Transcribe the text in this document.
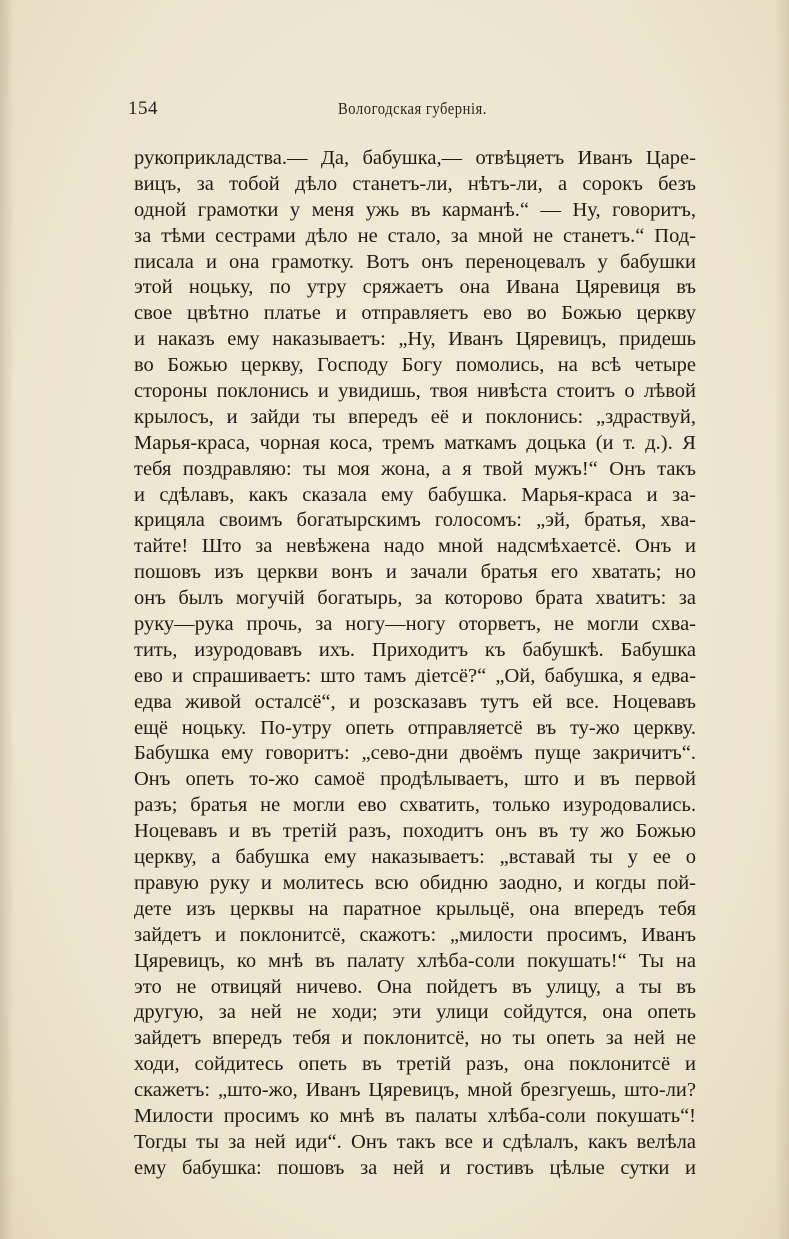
154	Вологодская губернія.
рукоприкладства.— Да, бабушка,— отвѣцяетъ Иванъ Царе-
вицъ, за тобой дѣло станетъ-ли, нѣтъ-ли, а сорокъ безъ
одной грамотки у меня ужь въ карманѣ.“ — Ну, говоритъ,
за тѣми сестрами дѣло не стало, за мной не станетъ.“ Под-
писала и она грамотку. Вотъ онъ переноцевалъ у бабушки
этой ноцьку, по утру сряжаетъ она Ивана Цяревиця въ
свое цвѣтно платье и отправляетъ ево во Божью церкву
и наказъ ему наказываетъ: „Ну, Иванъ Цяревицъ, придешь
во Божью церкву, Господу Богу помолись, на всѣ четыре
стороны поклонись и увидишь, твоя нивѣста стоитъ о лѣвой
крылосъ, и зайди ты впередъ её и поклонись: „здраствуй,
Марья-краса, чорная коса, тремъ маткамъ доцька (и т. д.). Я
тебя поздравляю: ты моя жона, а я твой мужъ!“ Онъ такъ
и сдѣлавъ, какъ сказала ему бабушка. Марья-краса и за-
крицяла своимъ богатырскимъ голосомъ: „эй, братья, хва-
тайте! Што за невѣжена надо мной надсмѣхаетсё. Онъ и
пошовъ изъ церкви вонъ и зачали братья его хватать; но
онъ былъ могучій богатырь, за которово брата хвatитъ: за
руку—рука прочь, за ногу—ногу оторветъ, не могли схва-
тить, изуродовавъ ихъ. Приходитъ къ бабушкѣ. Бабушка
ево и спрашиваетъ: што тамъ діетсё?“ „Ой, бабушка, я едва-
едва живой осталсё“, и розсказавъ тутъ ей все. Ноцевавъ
ещё ноцьку. По-утру опеть отправляетсё въ ту-жо церкву.
Бабушка ему говоритъ: „сево-дни двоёмъ пуще закричитъ“.
Онъ опеть то-жо самоё продѣлываетъ, што и въ первой
разъ; братья не могли ево схватить, только изуродовались.
Ноцевавъ и въ третій разъ, походитъ онъ въ ту жо Божью
церкву, а бабушка ему наказываетъ: „вставай ты у ее о
правую руку и молитесь всю обидню заодно, и когды пой-
дете изъ церквы на паратное крыльцё, она впередъ тебя
зайдетъ и поклонитсё, скажотъ: „милости просимъ, Иванъ
Цяревицъ, ко мнѣ въ палату хлѣба-соли покушать!“ Ты на
это не отвицяй ничево. Она пойдетъ въ улицу, а ты въ
другую, за ней не ходи; эти улици сойдутся, она опеть
зайдетъ впередъ тебя и поклонитсё, но ты опеть за ней не
ходи, сойдитесь опеть въ третій разъ, она поклонитсё и
скажетъ: „што-жо, Иванъ Цяревицъ, мной брезгуешь, што-ли?
Милости просимъ ко мнѣ въ палаты хлѣба-соли покушать“!
Тогды ты за ней иди“. Онъ такъ все и сдѣлалъ, какъ велѣла
ему бабушка: пошовъ за ней и гостивъ цѣлые сутки и
